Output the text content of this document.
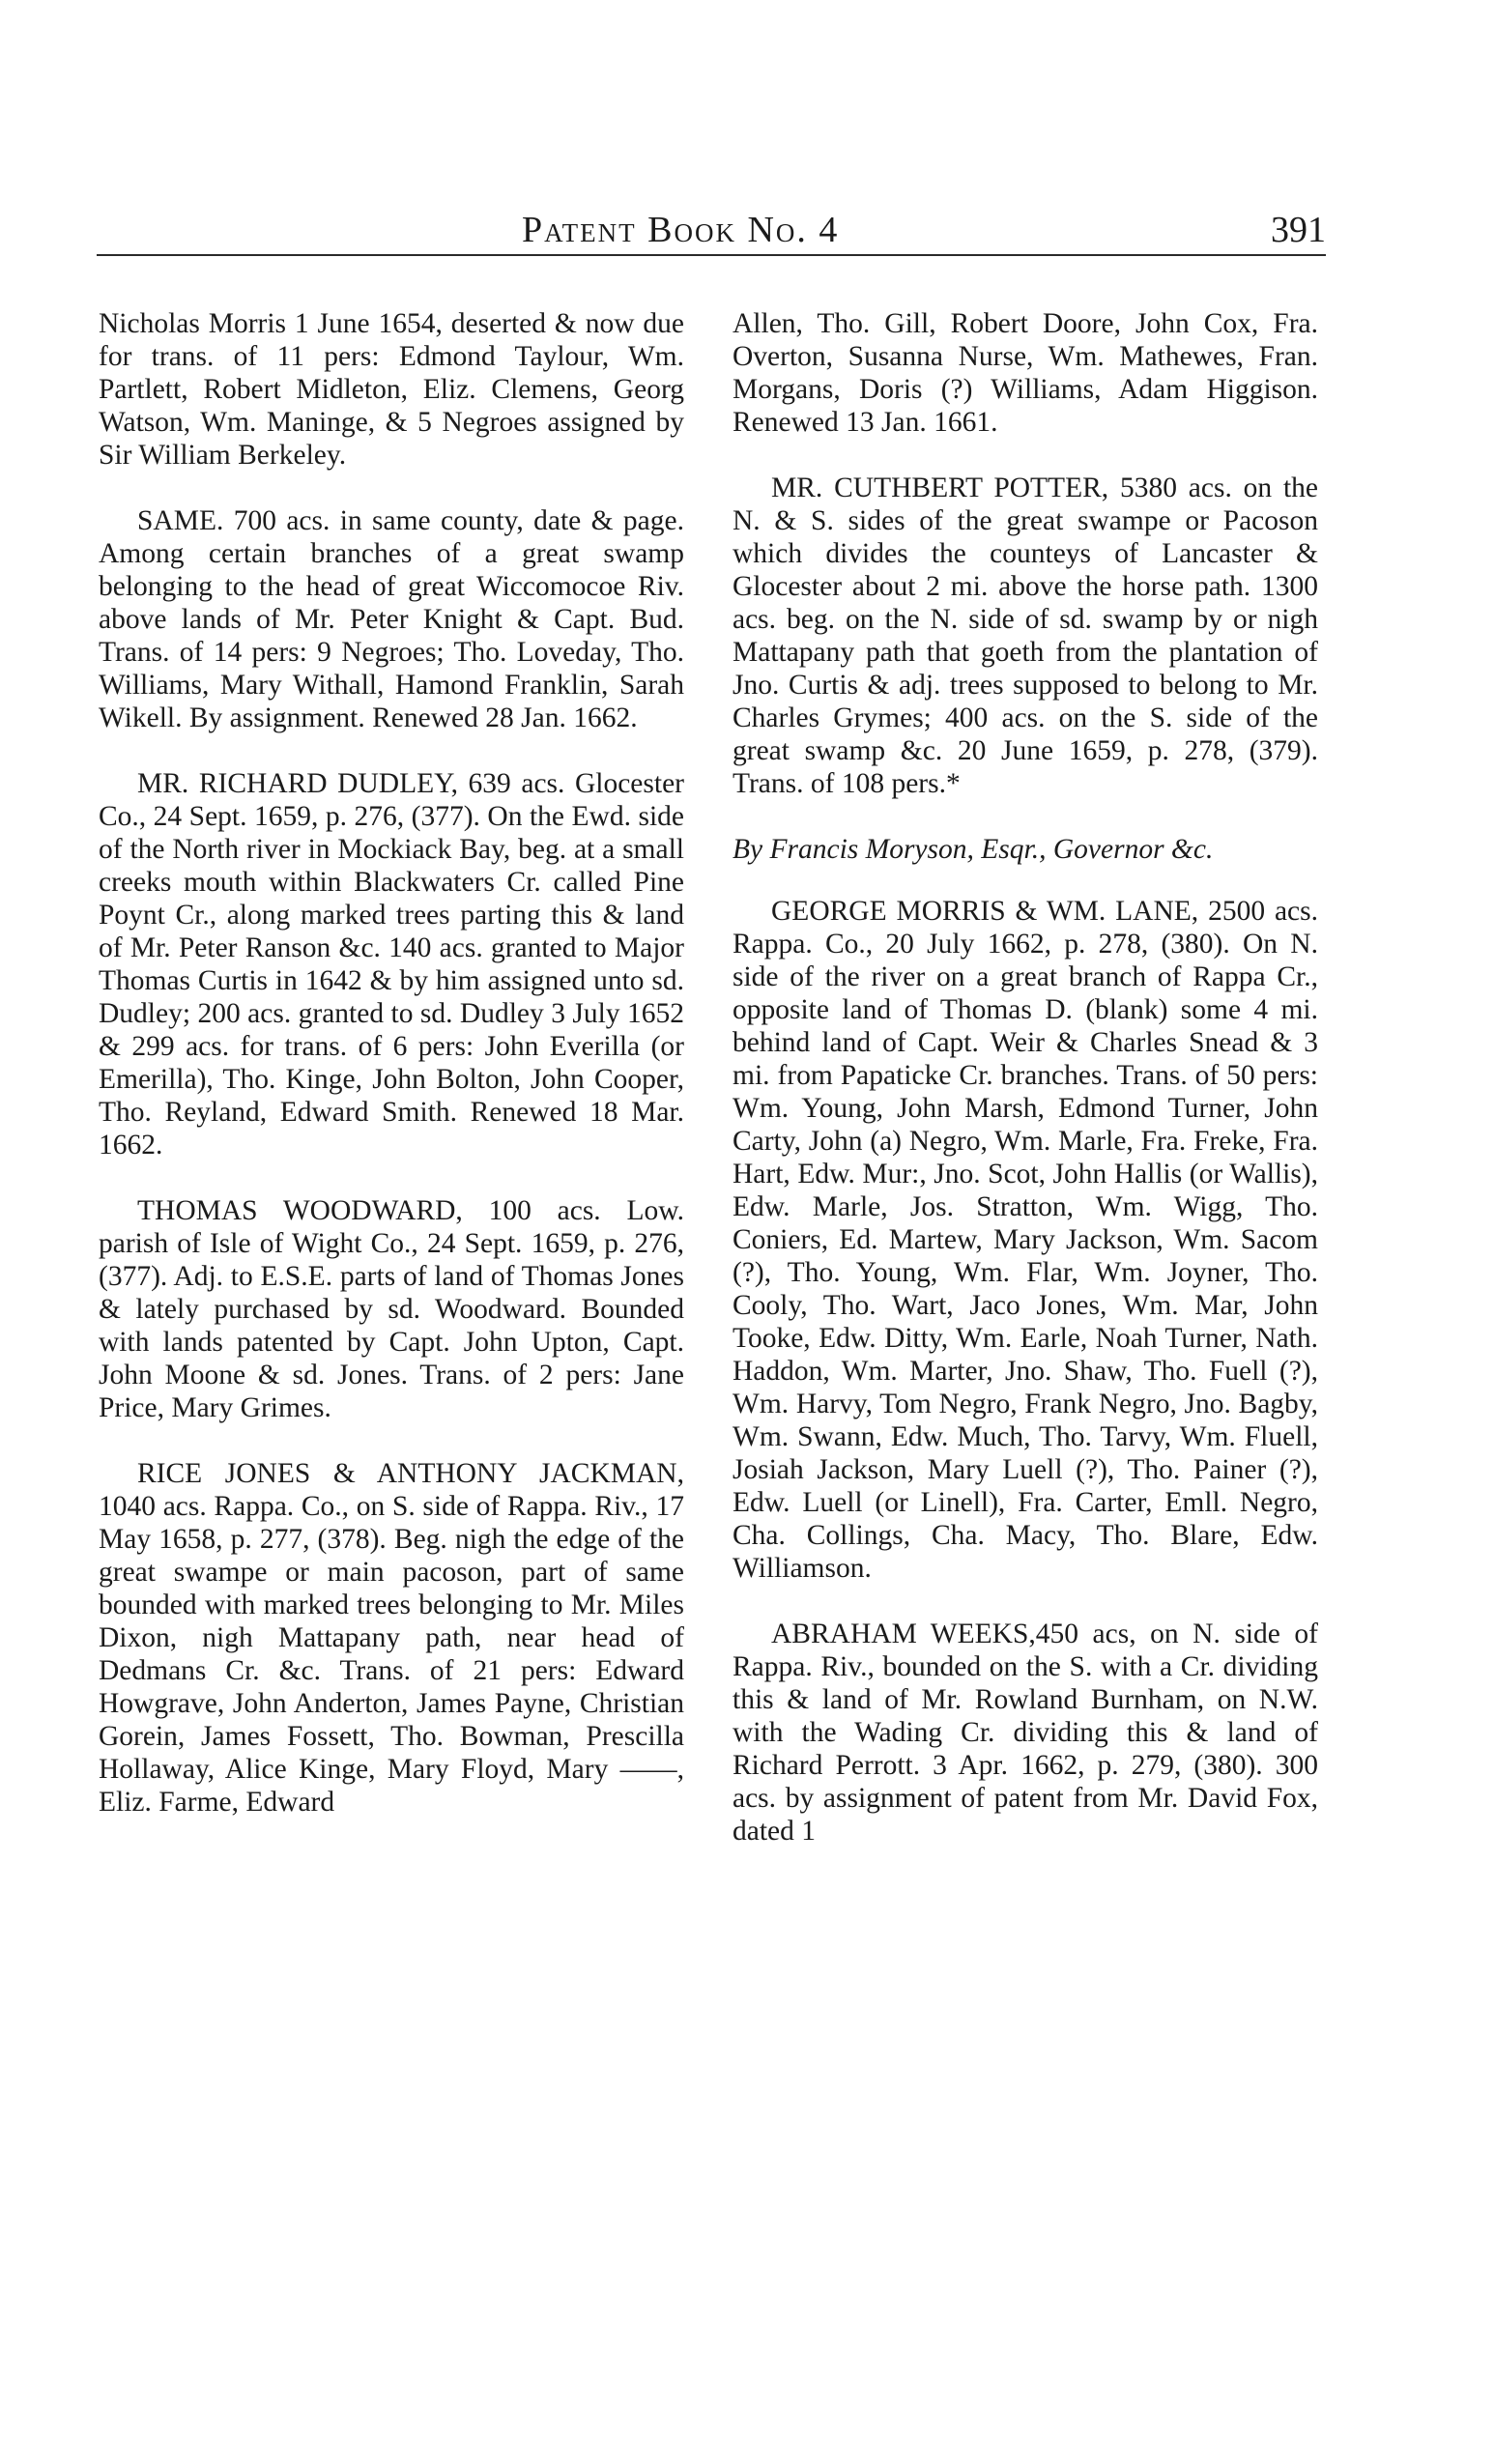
Patent Book No. 4	391

Nicholas Morris 1 June 1654, deserted & now due for trans. of 11 pers: Edmond Taylour, Wm. Partlett, Robert Midleton, Eliz. Clemens, Georg Watson, Wm. Maninge, & 5 Negroes assigned by Sir William Berkeley.

SAME. 700 acs. in same county, date & page. Among certain branches of a great swamp belonging to the head of great Wiccomocoe Riv. above lands of Mr. Peter Knight & Capt. Bud. Trans. of 14 pers: 9 Negroes; Tho. Loveday, Tho. Williams, Mary Withall, Hamond Franklin, Sarah Wikell. By assignment. Renewed 28 Jan. 1662.

MR. RICHARD DUDLEY, 639 acs. Glocester Co., 24 Sept. 1659, p. 276, (377). On the Ewd. side of the North river in Mockiack Bay, beg. at a small creeks mouth within Blackwaters Cr. called Pine Poynt Cr., along marked trees parting this & land of Mr. Peter Ranson &c. 140 acs. granted to Major Thomas Curtis in 1642 & by him assigned unto sd. Dudley; 200 acs. granted to sd. Dudley 3 July 1652 & 299 acs. for trans. of 6 pers: John Everilla (or Emerilla), Tho. Kinge, John Bolton, John Cooper, Tho. Reyland, Edward Smith. Renewed 18 Mar. 1662.

THOMAS WOODWARD, 100 acs. Low. parish of Isle of Wight Co., 24 Sept. 1659, p. 276, (377). Adj. to E.S.E. parts of land of Thomas Jones & lately purchased by sd. Woodward. Bounded with lands patented by Capt. John Upton, Capt. John Moone & sd. Jones. Trans. of 2 pers: Jane Price, Mary Grimes.

RICE JONES & ANTHONY JACKMAN, 1040 acs. Rappa. Co., on S. side of Rappa. Riv., 17 May 1658, p. 277, (378). Beg. nigh the edge of the great swampe or main pacoson, part of same bounded with marked trees belonging to Mr. Miles Dixon, nigh Mattapany path, near head of Dedmans Cr. &c. Trans. of 21 pers: Edward Howgrave, John Anderton, James Payne, Christian Gorein, James Fossett, Tho. Bowman, Prescilla Hollaway, Alice Kinge, Mary Floyd, Mary ——, Eliz. Farme, Edward

Allen, Tho. Gill, Robert Doore, John Cox, Fra. Overton, Susanna Nurse, Wm. Mathewes, Fran. Morgans, Doris (?) Williams, Adam Higgison. Renewed 13 Jan. 1661.

MR. CUTHBERT POTTER, 5380 acs. on the N. & S. sides of the great swampe or Pacoson which divides the counteys of Lancaster & Glocester about 2 mi. above the horse path. 1300 acs. beg. on the N. side of sd. swamp by or nigh Mattapany path that goeth from the plantation of Jno. Curtis & adj. trees supposed to belong to Mr. Charles Grymes; 400 acs. on the S. side of the great swamp &c. 20 June 1659, p. 278, (379). Trans. of 108 pers.*

By Francis Moryson, Esqr., Governor &c.

GEORGE MORRIS & WM. LANE, 2500 acs. Rappa. Co., 20 July 1662, p. 278, (380). On N. side of the river on a great branch of Rappa Cr., opposite land of Thomas D. (blank) some 4 mi. behind land of Capt. Weir & Charles Snead & 3 mi. from Papaticke Cr. branches. Trans. of 50 pers: Wm. Young, John Marsh, Edmond Turner, John Carty, John (a) Negro, Wm. Marle, Fra. Freke, Fra. Hart, Edw. Mur:, Jno. Scot, John Hallis (or Wallis), Edw. Marle, Jos. Stratton, Wm. Wigg, Tho. Coniers, Ed. Martew, Mary Jackson, Wm. Sacom (?), Tho. Young, Wm. Flar, Wm. Joyner, Tho. Cooly, Tho. Wart, Jaco Jones, Wm. Mar, John Tooke, Edw. Ditty, Wm. Earle, Noah Turner, Nath. Haddon, Wm. Marter, Jno. Shaw, Tho. Fuell (?), Wm. Harvy, Tom Negro, Frank Negro, Jno. Bagby, Wm. Swann, Edw. Much, Tho. Tarvy, Wm. Fluell, Josiah Jackson, Mary Luell (?), Tho. Painer (?), Edw. Luell (or Linell), Fra. Carter, Emll. Negro, Cha. Collings, Cha. Macy, Tho. Blare, Edw. Williamson.

ABRAHAM WEEKS,450 acs, on N. side of Rappa. Riv., bounded on the S. with a Cr. dividing this & land of Mr. Rowland Burnham, on N.W. with the Wading Cr. dividing this & land of Richard Perrott. 3 Apr. 1662, p. 279, (380). 300 acs. by assignment of patent from Mr. David Fox, dated 1
